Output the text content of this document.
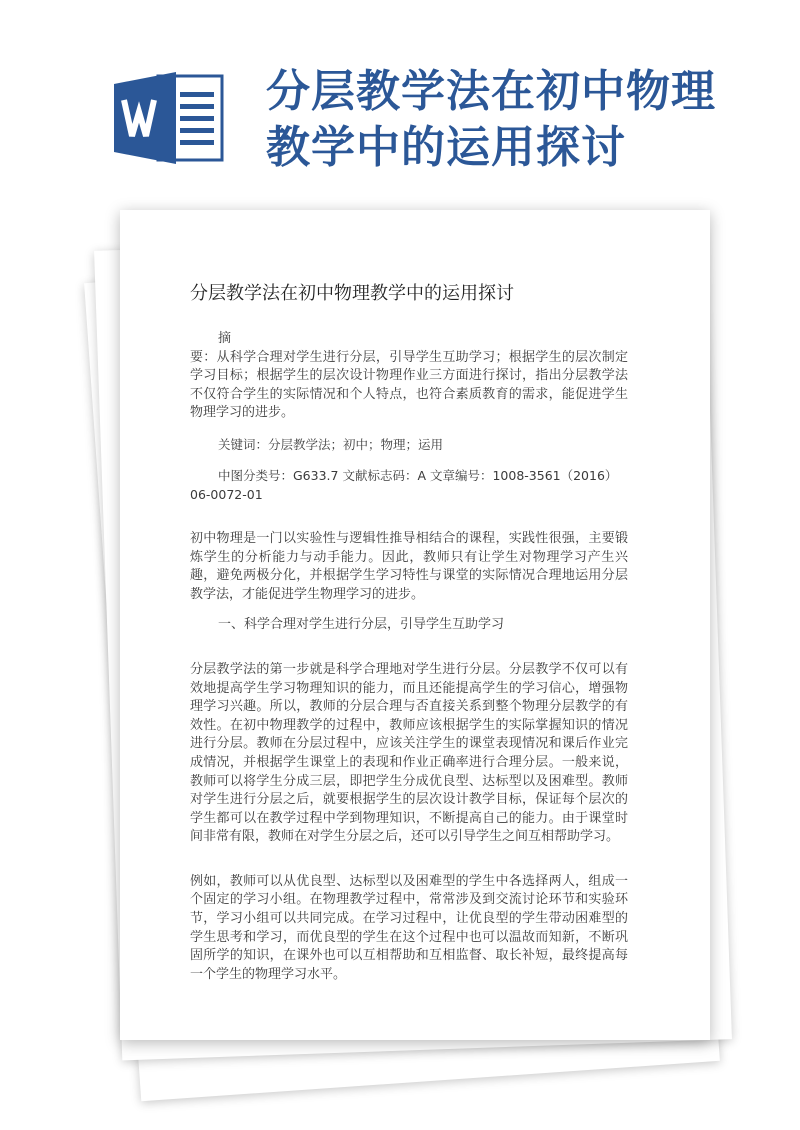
分层教学法在初中物理
教学中的运用探讨
分层教学法在初中物理教学中的运用探讨

摘

要：从科学合理对学生进行分层，引导学生互助学习；根据学生的层次制定学习目标；根据学生的层次设计物理作业三方面进行探讨，指出分层教学法不仅符合学生的实际情况和个人特点，也符合素质教育的需求，能促进学生物理学习的进步。

关键词：分层教学法；初中；物理；运用

中图分类号：G633.7 文献标志码：A 文章编号：1008-3561（2016）06-0072-01

初中物理是一门以实验性与逻辑性推导相结合的课程，实践性很强，主要锻炼学生的分析能力与动手能力。因此，教师只有让学生对物理学习产生兴趣，避免两极分化，并根据学生学习特性与课堂的实际情况合理地运用分层教学法，才能促进学生物理学习的进步。

一、科学合理对学生进行分层，引导学生互助学习

分层教学法的第一步就是科学合理地对学生进行分层。分层教学不仅可以有效地提高学生学习物理知识的能力，而且还能提高学生的学习信心，增强物理学习兴趣。所以，教师的分层合理与否直接关系到整个物理分层教学的有效性。在初中物理教学的过程中，教师应该根据学生的实际掌握知识的情况进行分层。教师在分层过程中，应该关注学生的课堂表现情况和课后作业完成情况，并根据学生课堂上的表现和作业正确率进行合理分层。一般来说，教师可以将学生分成三层，即把学生分成优良型、达标型以及困难型。教师对学生进行分层之后，就要根据学生的层次设计教学目标，保证每个层次的学生都可以在教学过程中学到物理知识，不断提高自己的能力。由于课堂时间非常有限，教师在对学生分层之后，还可以引导学生之间互相帮助学习。

例如，教师可以从优良型、达标型以及困难型的学生中各选择两人，组成一个固定的学习小组。在物理教学过程中，常常涉及到交流讨论环节和实验环节，学习小组可以共同完成。在学习过程中，让优良型的学生带动困难型的学生思考和学习，而优良型的学生在这个过程中也可以温故而知新，不断巩固所学的知识，在课外也可以互相帮助和互相监督、取长补短，最终提高每一个学生的物理学习水平。
